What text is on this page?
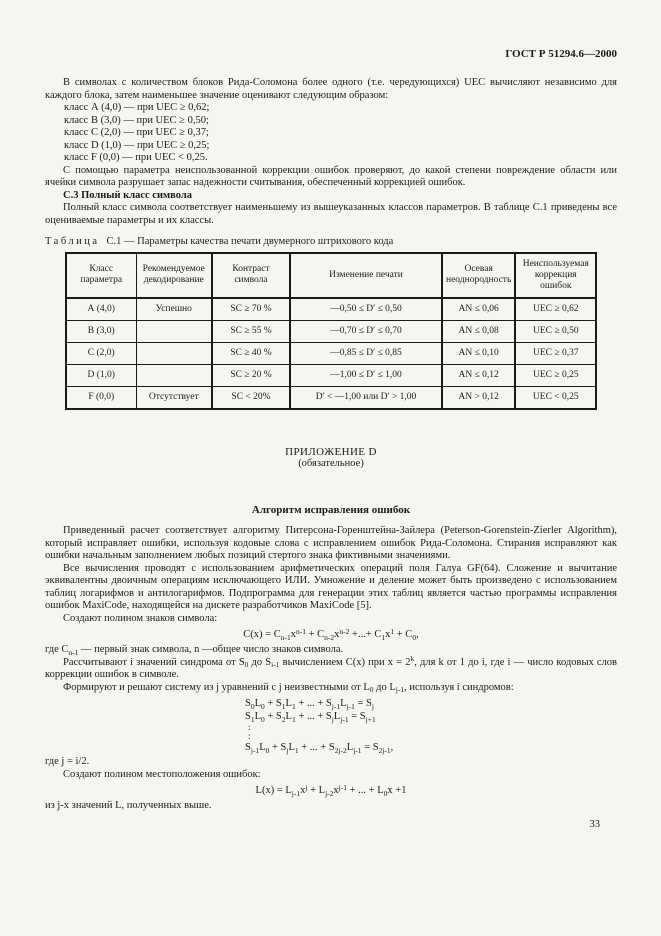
ГОСТ Р 51294.6—2000

В символах с количеством блоков Рида-Соломона более одного (т.е. чередующихся) UEC вычисляют независимо для каждого блока, затем наименьшее значение оценивают следующим образом:

класс А (4,0) — при UEC ≥ 0,62;
класс В (3,0) — при UEC ≥ 0,50;
класс С (2,0) — при UEC ≥ 0,37;
класс D (1,0) — при UEC ≥ 0,25;
класс F (0,0) — при UEC < 0,25.

С помощью параметра неиспользованной коррекции ошибок проверяют, до какой степени повреждение области или ячейки символа разрушает запас надежности считывания, обеспеченный коррекцией ошибок.

С.3 Полный класс символа

Полный класс символа соответствует наименьшему из вышеуказанных классов параметров. В таблице С.1 приведены все оцениваемые параметры и их классы.

Таблица С.1 — Параметры качества печати двумерного штрихового кода
Класс параметра	Рекомендуемое декодирование	Контраст символа	Изменение печати	Осевая неоднородность	Неиспользуемая коррекция ошибок
А (4,0)	Успешно	SC ≥ 70 %	—0,50 ≤ D′ ≤ 0,50	AN ≤ 0,06	UEC ≥ 0,62
В (3,0)		SC ≥ 55 %	—0,70 ≤ D′ ≤ 0,70	AN ≤ 0,08	UEC ≥ 0,50
С (2,0)		SC ≥ 40 %	—0,85 ≤ D′ ≤ 0,85	AN ≤ 0,10	UEC ≥ 0,37
D (1,0)		SC ≥ 20 %	—1,00 ≤ D′ ≤ 1,00	AN ≤ 0,12	UEC ≥ 0,25
F (0,0)	Отсутствует	SC < 20%	D′ < —1,00 или D′ > 1,00	AN > 0,12	UEC < 0,25
ПРИЛОЖЕНИЕ D
(обязательное)
Алгоритм исправления ошибок

Приведенный расчет соответствует алгоритму Питерсона-Горенштейна-Зайлера (Peterson-Gorenstein-Zierler Algorithm), который исправляет ошибки, используя кодовые слова с исправлением ошибок Рида-Соломона. Стирания исправляют как ошибки начальным заполнением любых позиций стертого знака фиктивными значениями.

Все вычисления проводят с использованием арифметических операций поля Галуа GF(64). Сложение и вычитание эквивалентны двоичным операциям исключающего ИЛИ. Умножение и деление может быть произведено с использованием таблиц логарифмов и антилогарифмов. Подпрограмма для генерации этих таблиц является частью программы исправления ошибок MaxiCode, находящейся на дискете разработчиков MaxiCode [5].

Создают полином знаков символа:

$C(x) = C_{n-1}x^{n-1} + C_{n-2}x^{n-2}$ +...+ $C_1x^1 + C_0$,

где $C_{n-1}$ — первый знак символа, n —общее число знаков символа.

Рассчитывают i значений синдрома от $S_0$ до $S_{i-1}$ вычислением C(x) при $x = 2^k$, для k от 1 до i, где i — число кодовых слов коррекции ошибок в символе.

Формируют и решают систему из j уравнений с j неизвестными от $L_0$ до $L_{j-1}$, используя i синдромов:

$S_0L_0 + S_1L_1$ + ... + $S_{j-1}L_{j-1} = S_j$
$S_1L_0 + S_2L_1$ + ... + $S_jL_{j-1} = S_{j+1}$
:
:
$S_{j-1}L_0 + S_jL_1$ + ... + $S_{2j-2}L_{j-1} = S_{2j-1}$,

где j = i/2.

Создают полином местоположения ошибок:

$L(x) = L_{j-1}x^j + L_{j-2}x^{j-1}$ + ... + $L_0x +1$

из j-х значений L, полученных выше.

33
